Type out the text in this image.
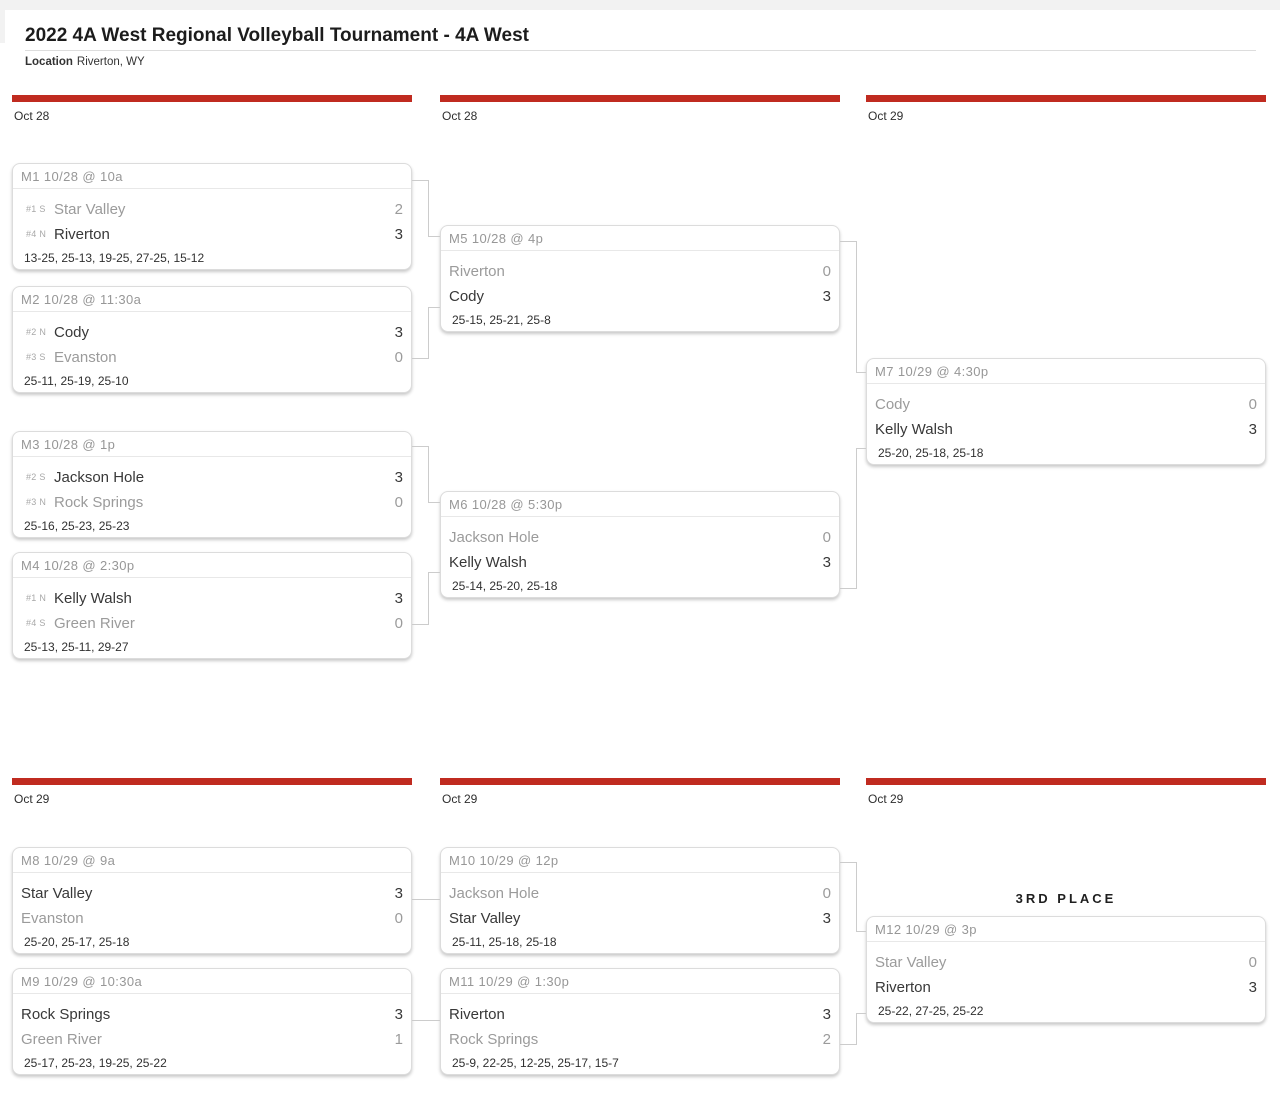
2022 4A West Regional Volleyball Tournament - 4A West
Location Riverton, WY
Oct 28	Oct 28	Oct 29
Oct 29	Oct 29	Oct 29
M1 10/28 @ 10a
#1 S Star Valley	2
#4 N Riverton	3
13-25, 25-13, 19-25, 27-25, 15-12
M2 10/28 @ 11:30a
#2 N Cody	3
#3 S Evanston	0
25-11, 25-19, 25-10
M3 10/28 @ 1p
#2 S Jackson Hole	3
#3 N Rock Springs	0
25-16, 25-23, 25-23
M4 10/28 @ 2:30p
#1 N Kelly Walsh	3
#4 S Green River	0
25-13, 25-11, 29-27
M5 10/28 @ 4p
Riverton	0
Cody	3
25-15, 25-21, 25-8
M6 10/28 @ 5:30p
Jackson Hole	0
Kelly Walsh	3
25-14, 25-20, 25-18
M7 10/29 @ 4:30p
Cody	0
Kelly Walsh	3
25-20, 25-18, 25-18
M8 10/29 @ 9a
Star Valley	3
Evanston	0
25-20, 25-17, 25-18
M9 10/29 @ 10:30a
Rock Springs	3
Green River	1
25-17, 25-23, 19-25, 25-22
M10 10/29 @ 12p
Jackson Hole	0
Star Valley	3
25-11, 25-18, 25-18
M11 10/29 @ 1:30p
Riverton	3
Rock Springs	2
25-9, 22-25, 12-25, 25-17, 15-7
3RD PLACE
M12 10/29 @ 3p
Star Valley	0
Riverton	3
25-22, 27-25, 25-22
